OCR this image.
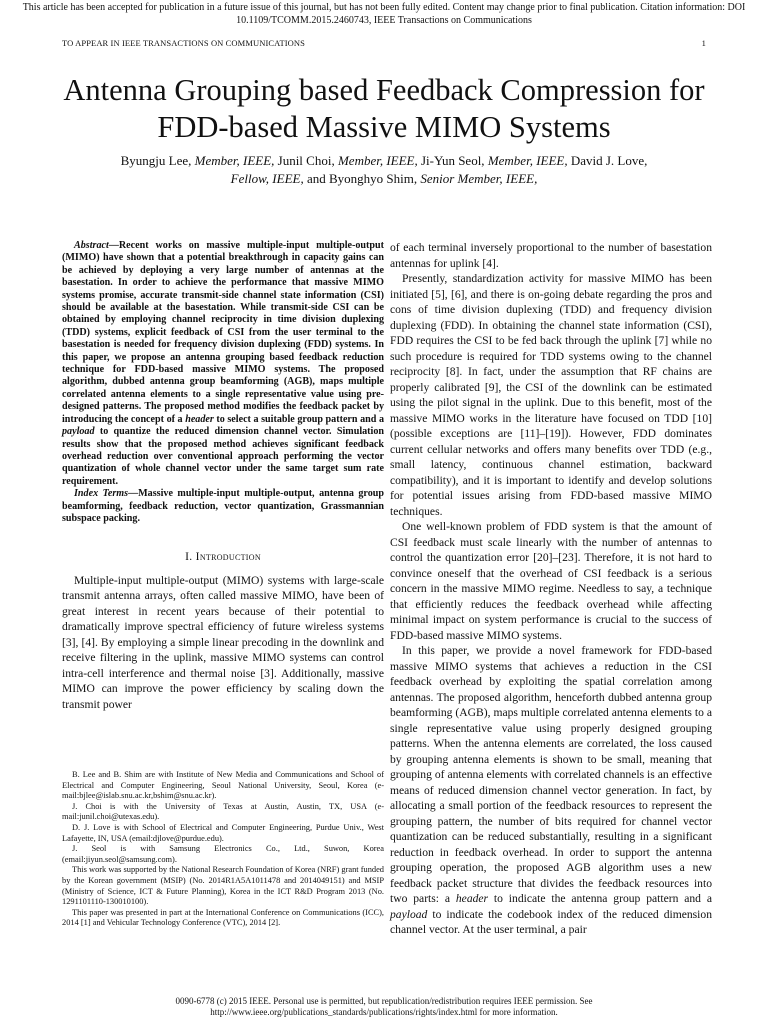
This article has been accepted for publication in a future issue of this journal, but has not been fully edited. Content may change prior to final publication. Citation information: DOI
10.1109/TCOMM.2015.2460743, IEEE Transactions on Communications
TO APPEAR IN IEEE TRANSACTIONS ON COMMUNICATIONS	1
Antenna Grouping based Feedback Compression for
FDD-based Massive MIMO Systems
Byungju Lee, Member, IEEE, Junil Choi, Member, IEEE, Ji-Yun Seol, Member, IEEE, David J. Love, Fellow, IEEE, and Byonghyo Shim, Senior Member, IEEE,

Abstract—Recent works on massive multiple-input multiple-output (MIMO) have shown that a potential breakthrough in capacity gains can be achieved by deploying a very large number of antennas at the basestation. In order to achieve the performance that massive MIMO systems promise, accurate transmit-side channel state information (CSI) should be available at the basestation. While transmit-side CSI can be obtained by employing channel reciprocity in time division duplexing (TDD) systems, explicit feedback of CSI from the user terminal to the basestation is needed for frequency division duplexing (FDD) systems. In this paper, we propose an antenna grouping based feedback reduction technique for FDD-based massive MIMO systems. The proposed algorithm, dubbed antenna group beamforming (AGB), maps multiple correlated antenna elements to a single representative value using pre-designed patterns. The proposed method modifies the feedback packet by introducing the concept of a header to select a suitable group pattern and a payload to quantize the reduced dimension channel vector. Simulation results show that the proposed method achieves significant feedback overhead reduction over conventional approach performing the vector quantization of whole channel vector under the same target sum rate requirement.

Index Terms—Massive multiple-input multiple-output, antenna group beamforming, feedback reduction, vector quantization, Grassmannian subspace packing.

I. Introduction

Multiple-input multiple-output (MIMO) systems with large-scale transmit antenna arrays, often called massive MIMO, have been of great interest in recent years because of their potential to dramatically improve spectral efficiency of future wireless systems [3], [4]. By employing a simple linear precoding in the downlink and receive filtering in the uplink, massive MIMO systems can control intra-cell interference and thermal noise [3]. Additionally, massive MIMO can improve the power efficiency by scaling down the transmit power

B. Lee and B. Shim are with Institute of New Media and Communications and School of Electrical and Computer Engineering, Seoul National University, Seoul, Korea (e-mail:bjlee@islab.snu.ac.kr,bshim@snu.ac.kr).

J. Choi is with the University of Texas at Austin, Austin, TX, USA (e-mail:junil.choi@utexas.edu).

D. J. Love is with School of Electrical and Computer Engineering, Purdue Univ., West Lafayette, IN, USA (email:djlove@purdue.edu).

J. Seol is with Samsung Electronics Co., Ltd., Suwon, Korea (email:jiyun.seol@samsung.com).

This work was supported by the National Research Foundation of Korea (NRF) grant funded by the Korean government (MSIP) (No. 2014R1A5A1011478 and 2014049151) and MSIP (Ministry of Science, ICT & Future Planning), Korea in the ICT R&D Program 2013 (No. 1291101110-130010100).

This paper was presented in part at the International Conference on Communications (ICC), 2014 [1] and Vehicular Technology Conference (VTC), 2014 [2].

of each terminal inversely proportional to the number of basestation antennas for uplink [4].

Presently, standardization activity for massive MIMO has been initiated [5], [6], and there is on-going debate regarding the pros and cons of time division duplexing (TDD) and frequency division duplexing (FDD). In obtaining the channel state information (CSI), FDD requires the CSI to be fed back through the uplink [7] while no such procedure is required for TDD systems owing to the channel reciprocity [8]. In fact, under the assumption that RF chains are properly calibrated [9], the CSI of the downlink can be estimated using the pilot signal in the uplink. Due to this benefit, most of the massive MIMO works in the literature have focused on TDD [10] (possible exceptions are [11]–[19]). However, FDD dominates current cellular networks and offers many benefits over TDD (e.g., small latency, continuous channel estimation, backward compatibility), and it is important to identify and develop solutions for potential issues arising from FDD-based massive MIMO techniques.

One well-known problem of FDD system is that the amount of CSI feedback must scale linearly with the number of antennas to control the quantization error [20]–[23]. Therefore, it is not hard to convince oneself that the overhead of CSI feedback is a serious concern in the massive MIMO regime. Needless to say, a technique that efficiently reduces the feedback overhead while affecting minimal impact on system performance is crucial to the success of FDD-based massive MIMO systems.

In this paper, we provide a novel framework for FDD-based massive MIMO systems that achieves a reduction in the CSI feedback overhead by exploiting the spatial correlation among antennas. The proposed algorithm, henceforth dubbed antenna group beamforming (AGB), maps multiple correlated antenna elements to a single representative value using properly designed grouping patterns. When the antenna elements are correlated, the loss caused by grouping antenna elements is shown to be small, meaning that grouping of antenna elements with correlated channels is an effective means of reduced dimension channel vector generation. In fact, by allocating a small portion of the feedback resources to represent the grouping pattern, the number of bits required for channel vector quantization can be reduced substantially, resulting in a significant reduction in feedback overhead. In order to support the antenna grouping operation, the proposed AGB algorithm uses a new feedback packet structure that divides the feedback resources into two parts: a header to indicate the antenna group pattern and a payload to indicate the codebook index of the reduced dimension channel vector. At the user terminal, a pair

0090-6778 (c) 2015 IEEE. Personal use is permitted, but republication/redistribution requires IEEE permission. See
http://www.ieee.org/publications_standards/publications/rights/index.html for more information.
